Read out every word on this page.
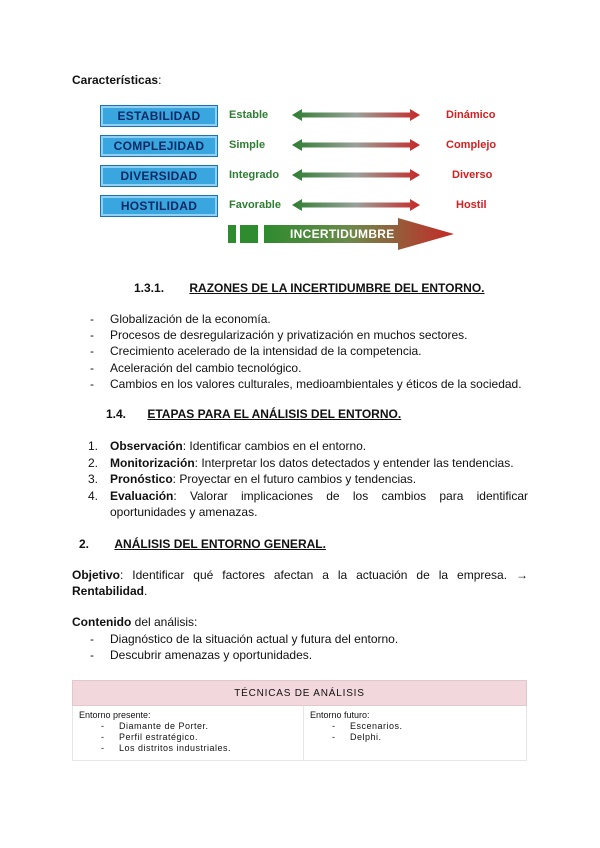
Características:
ESTABILIDAD	Estable	Dinámico
COMPLEJIDAD	Simple	Complejo
DIVERSIDAD	Integrado	Diverso
HOSTILIDAD	Favorable	Hostil
INCERTIDUMBRE
1.3.1. RAZONES DE LA INCERTIDUMBRE DEL ENTORNO.
- Globalización de la economía.
- Procesos de desregularización y privatización en muchos sectores.
- Crecimiento acelerado de la intensidad de la competencia.
- Aceleración del cambio tecnológico.
- Cambios en los valores culturales, medioambientales y éticos de la sociedad.
1.4. ETAPAS PARA EL ANÁLISIS DEL ENTORNO.
1. Observación: Identificar cambios en el entorno.
2. Monitorización: Interpretar los datos detectados y entender las tendencias.
3. Pronóstico: Proyectar en el futuro cambios y tendencias.
4. Evaluación: Valorar implicaciones de los cambios para identificar oportunidades y amenazas.
2. ANÁLISIS DEL ENTORNO GENERAL.
Objetivo: Identificar qué factores afectan a la actuación de la empresa. → Rentabilidad.
Contenido del análisis:
- Diagnóstico de la situación actual y futura del entorno.
- Descubrir amenazas y oportunidades.
TÉCNICAS DE ANÁLISIS

Entorno presente:
- Diamante de Porter.
- Perfil estratégico.
- Los distritos industriales.

Entorno futuro:
- Escenarios.
- Delphi.
